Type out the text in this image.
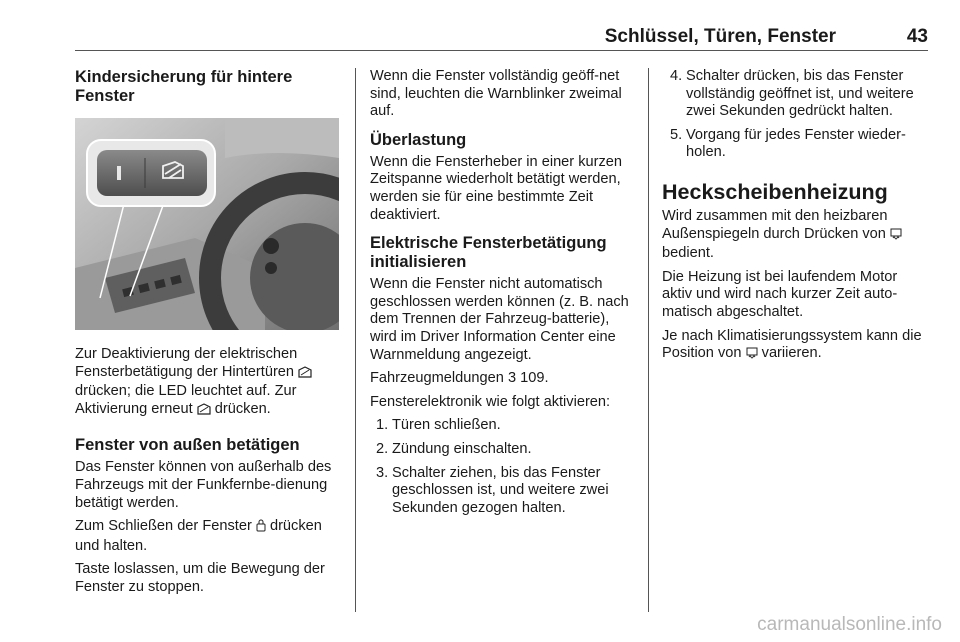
Schlüssel, Türen, Fenster	43
Kindersicherung für hintere Fenster

Zur Deaktivierung der elektrischen Fensterbetätigung der Hintertüren  drücken; die LED leuchtet auf. Zur Aktivierung erneut drücken.

Fenster von außen betätigen

Das Fenster können von außerhalb des Fahrzeugs mit der Funkfernbe-dienung betätigt werden.

Zum Schließen der Fenster drücken und halten.

Taste loslassen, um die Bewegung der Fenster zu stoppen.

Wenn die Fenster vollständig geöff-net sind, leuchten die Warnblinker zweimal auf.

Überlastung

Wenn die Fensterheber in einer kurzen Zeitspanne wiederholt betätigt werden, werden sie für eine bestimmte Zeit deaktiviert.

Elektrische Fensterbetätigung initialisieren

Wenn die Fenster nicht automatisch geschlossen werden können (z. B. nach dem Trennen der Fahrzeug-batterie), wird im Driver Information Center eine Warnmeldung angezeigt.

Fahrzeugmeldungen 3 109.

Fensterelektronik wie folgt aktivieren:

1. Türen schließen.
2. Zündung einschalten.
3. Schalter ziehen, bis das Fenster geschlossen ist, und weitere zwei Sekunden gezogen halten.
4. Schalter drücken, bis das Fenster vollständig geöffnet ist, und weitere zwei Sekunden gedrückt halten.
5. Vorgang für jedes Fenster wieder-holen.
Heckscheibenheizung

Wird zusammen mit den heizbaren Außenspiegeln durch Drücken von  bedient.

Die Heizung ist bei laufendem Motor aktiv und wird nach kurzer Zeit auto-matisch abgeschaltet.

Je nach Klimatisierungssystem kann die Position von variieren.

carmanualsonline.info
